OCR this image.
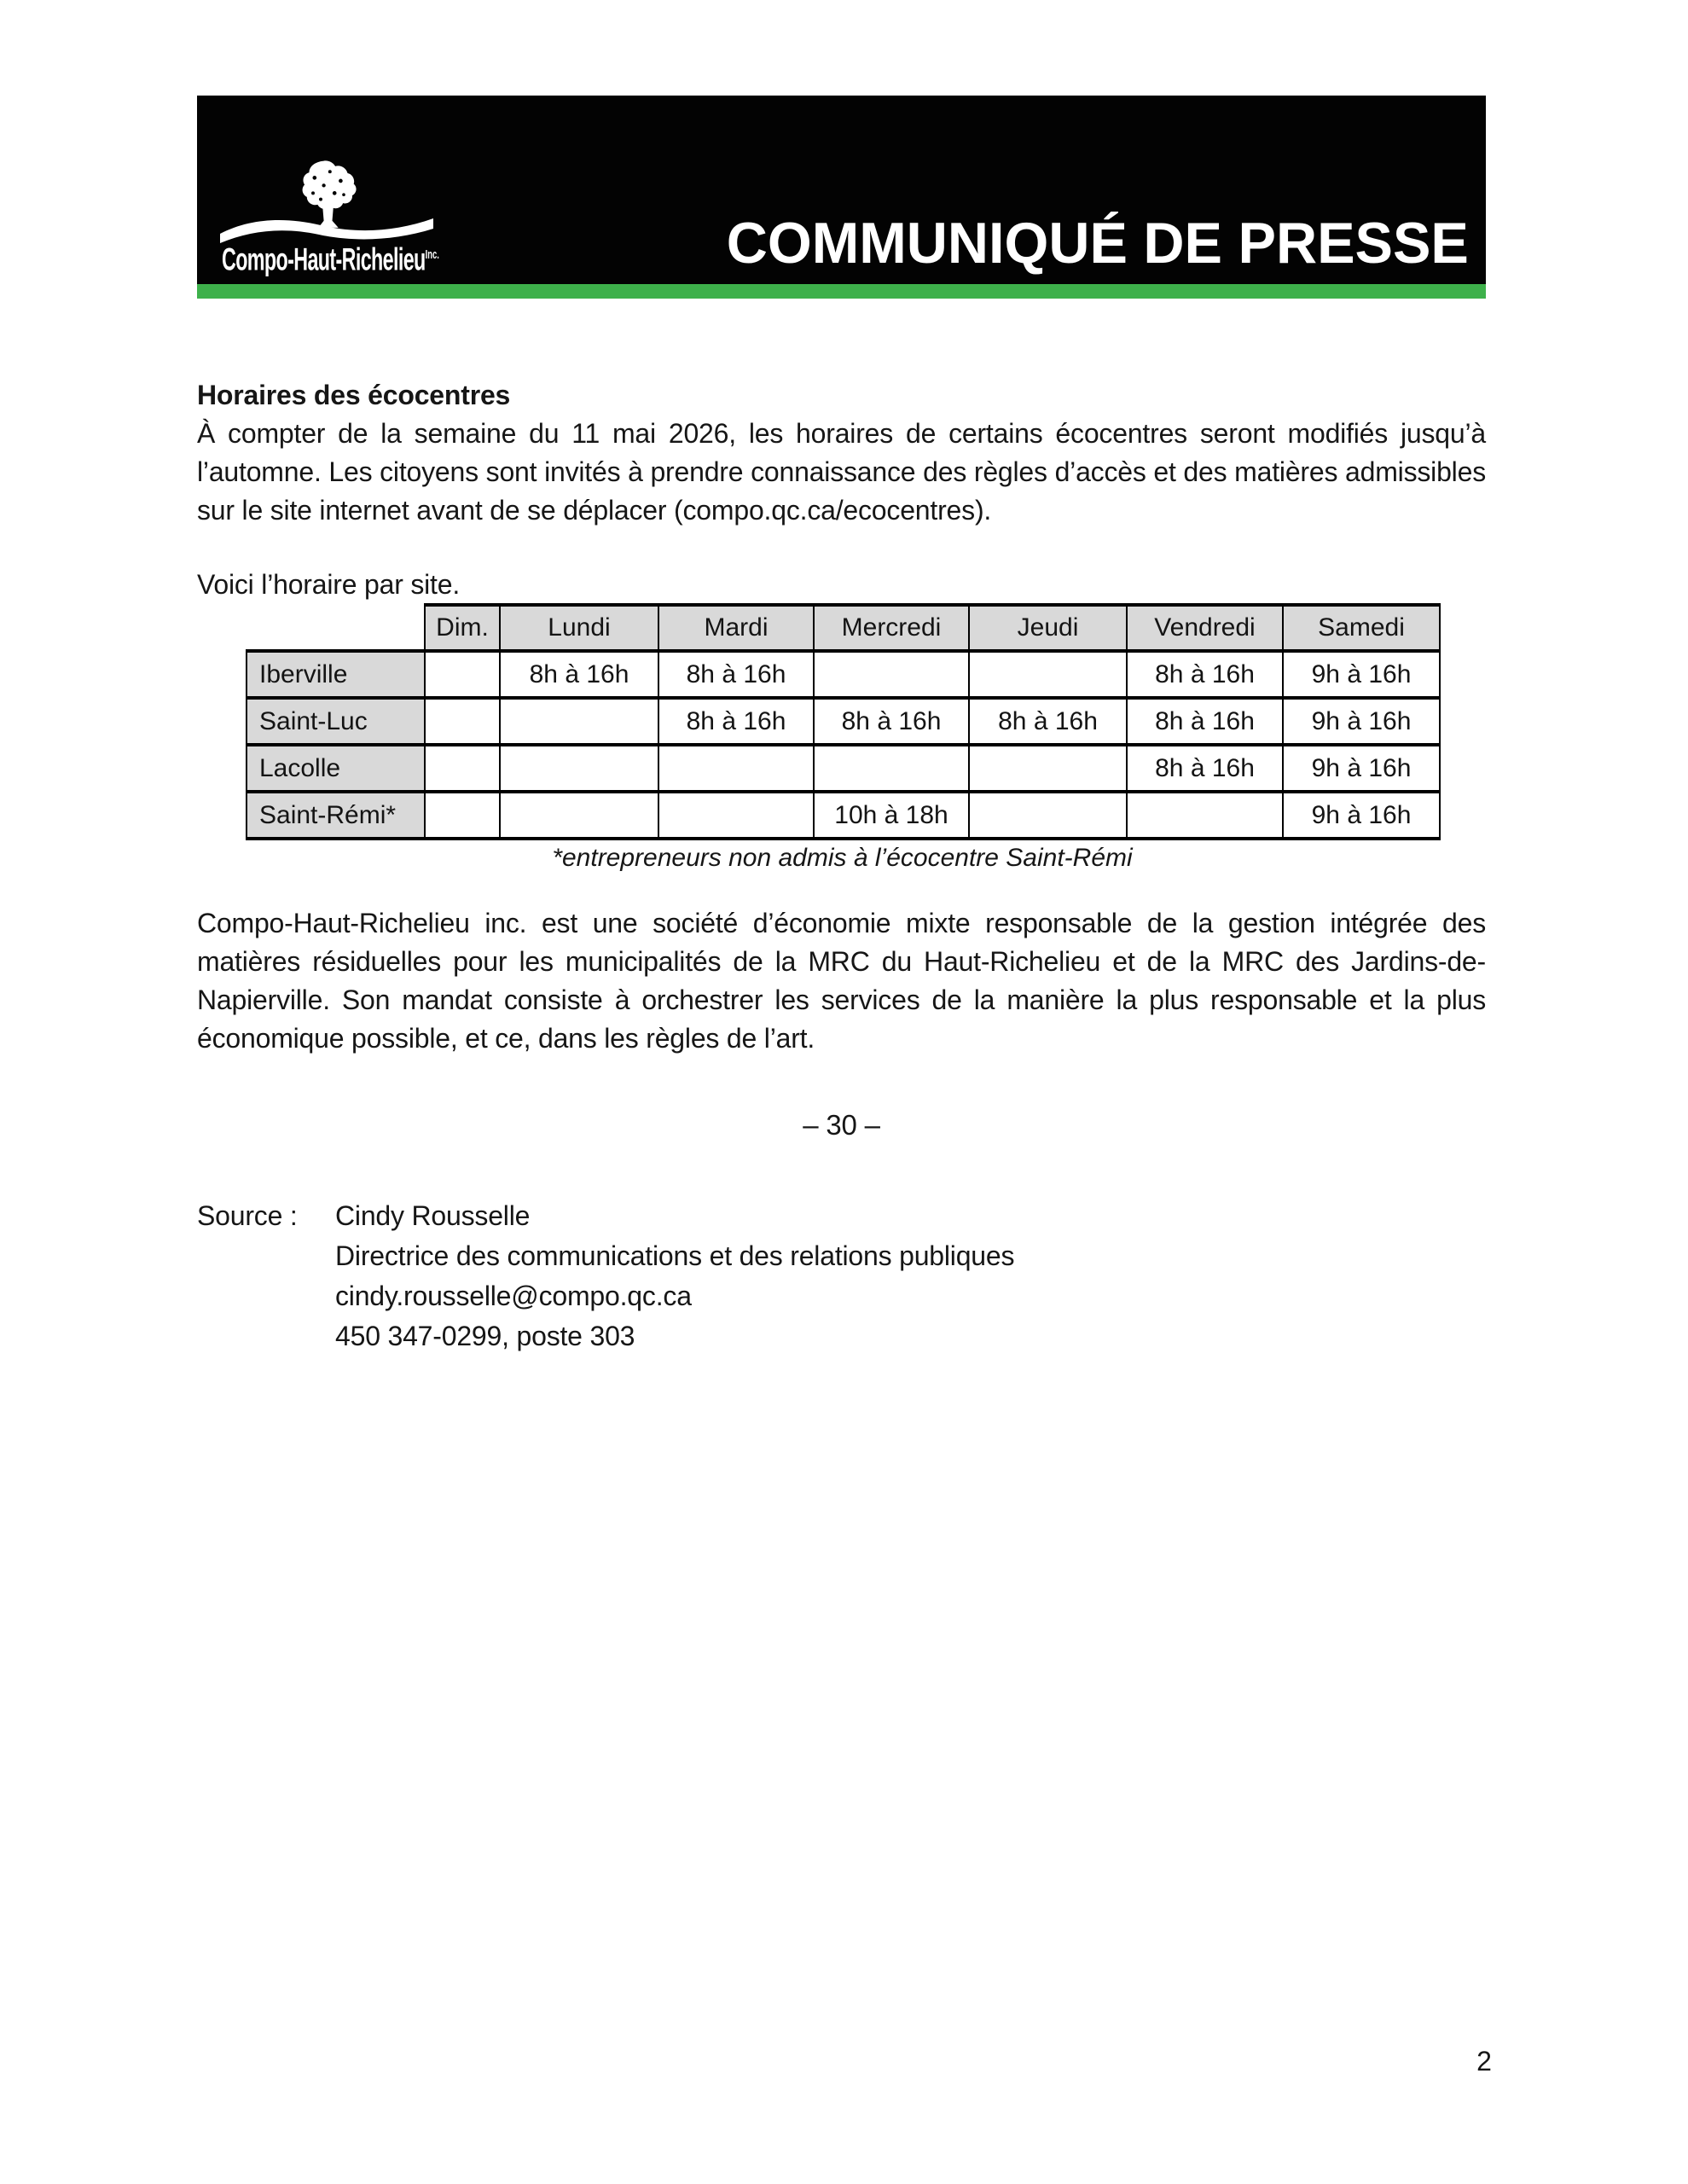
Compo-Haut-Richelieu$^{Inc.}$	COMMUNIQUÉ DE PRESSE
Horaires des écocentres

À compter de la semaine du 11 mai 2026, les horaires de certains écocentres seront modifiés jusqu’à l’automne. Les citoyens sont invités à prendre connaissance des règles d’accès et des matières admissibles sur le site internet avant de se déplacer (compo.qc.ca/ecocentres).

Voici l’horaire par site.
	Dim.	Lundi	Mardi	Mercredi	Jeudi	Vendredi	Samedi
Iberville		8h à 16h	8h à 16h			8h à 16h	9h à 16h
Saint-Luc			8h à 16h	8h à 16h	8h à 16h	8h à 16h	9h à 16h
Lacolle						8h à 16h	9h à 16h
Saint-Rémi*				10h à 18h			9h à 16h
*entrepreneurs non admis à l’écocentre Saint-Rémi
Compo-Haut-Richelieu inc. est une société d’économie mixte responsable de la gestion intégrée des matières résiduelles pour les municipalités de la MRC du Haut-Richelieu et de la MRC des Jardins-de-Napierville. Son mandat consiste à orchestrer les services de la manière la plus responsable et la plus économique possible, et ce, dans les règles de l’art.
– 30 –
Source :	Cindy Rousselle
Directrice des communications et des relations publiques
cindy.rousselle@compo.qc.ca
450 347-0299, poste 303
2
